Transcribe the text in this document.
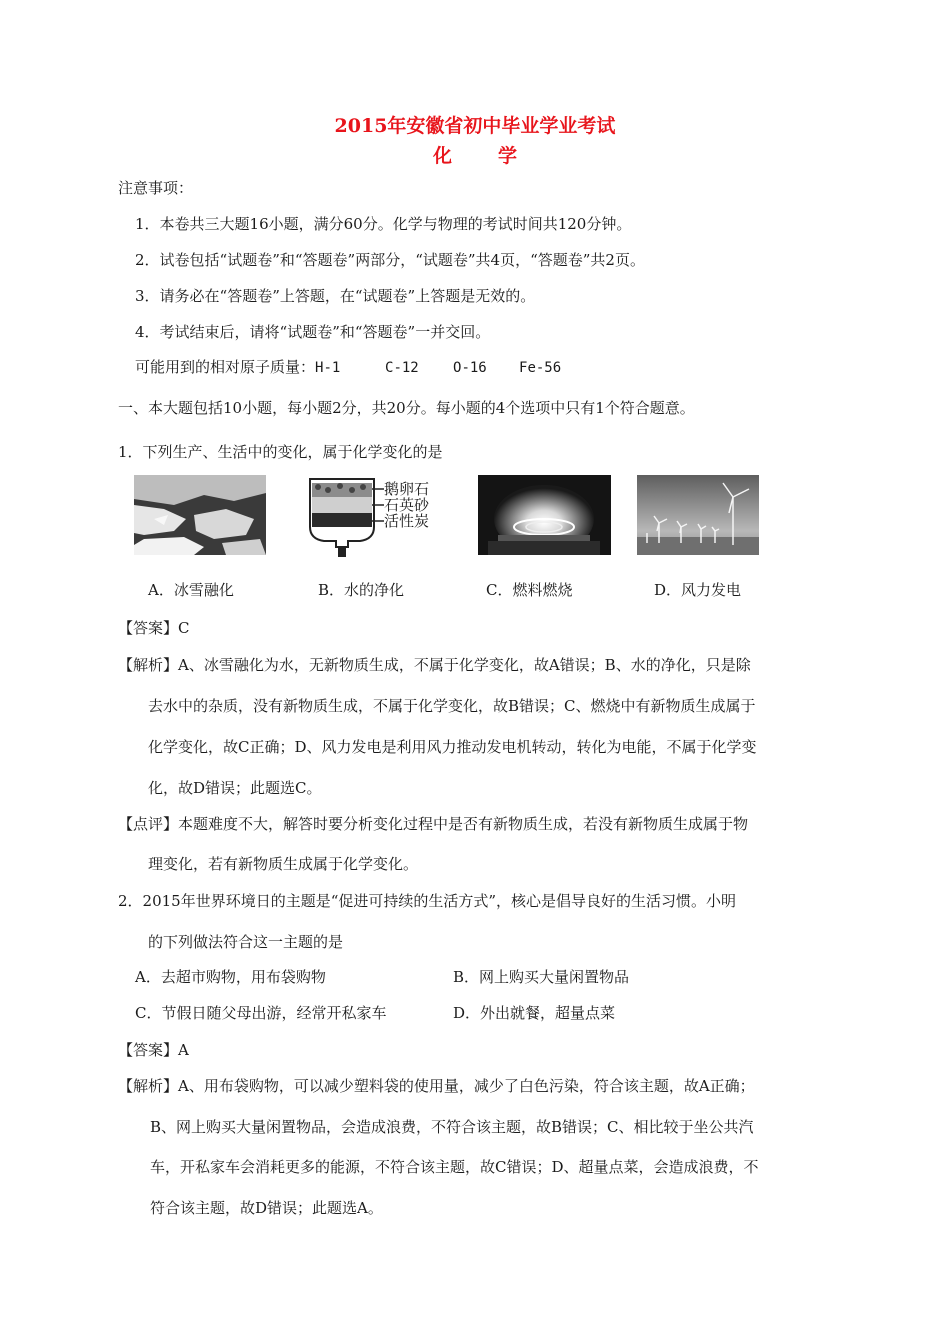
2015年安徽省初中毕业学业考试
化学
注意事项：
1．本卷共三大题16小题，满分60分。化学与物理的考试时间共120分钟。
2．试卷包括“试题卷”和“答题卷”两部分，“试题卷”共4页，“答题卷”共2页。
3．请务必在“答题卷”上答题，在“试题卷”上答题是无效的。
4．考试结束后，请将“试题卷”和“答题卷”一并交回。
可能用到的相对原子质量：H-1	C-12 O-16 Fe-56
一、本大题包括10小题，每小题2分，共20分。每小题的4个选项中只有1个符合题意。
1．下列生产、生活中的变化，属于化学变化的是
鹅卵石
石英砂
活性炭
A．冰雪融化	B．水的净化	C．燃料燃烧	D．风力发电
【答案】C
【解析】A、冰雪融化为水，无新物质生成，不属于化学变化，故A错误；B、水的净化，只是除
去水中的杂质，没有新物质生成，不属于化学变化，故B错误；C、燃烧中有新物质生成属于
化学变化，故C正确；D、风力发电是利用风力推动发电机转动，转化为电能，不属于化学变
化，故D错误；此题选C。
【点评】本题难度不大，解答时要分析变化过程中是否有新物质生成，若没有新物质生成属于物
理变化，若有新物质生成属于化学变化。
2．2015年世界环境日的主题是“促进可持续的生活方式”，核心是倡导良好的生活习惯。小明
的下列做法符合这一主题的是
A．去超市购物，用布袋购物	B．网上购买大量闲置物品
C．节假日随父母出游，经常开私家车	D．外出就餐，超量点菜
【答案】A
【解析】A、用布袋购物，可以减少塑料袋的使用量，减少了白色污染，符合该主题，故A正确；
B、网上购买大量闲置物品，会造成浪费，不符合该主题，故B错误；C、相比较于坐公共汽
车，开私家车会消耗更多的能源，不符合该主题，故C错误；D、超量点菜，会造成浪费，不
符合该主题，故D错误；此题选A。
